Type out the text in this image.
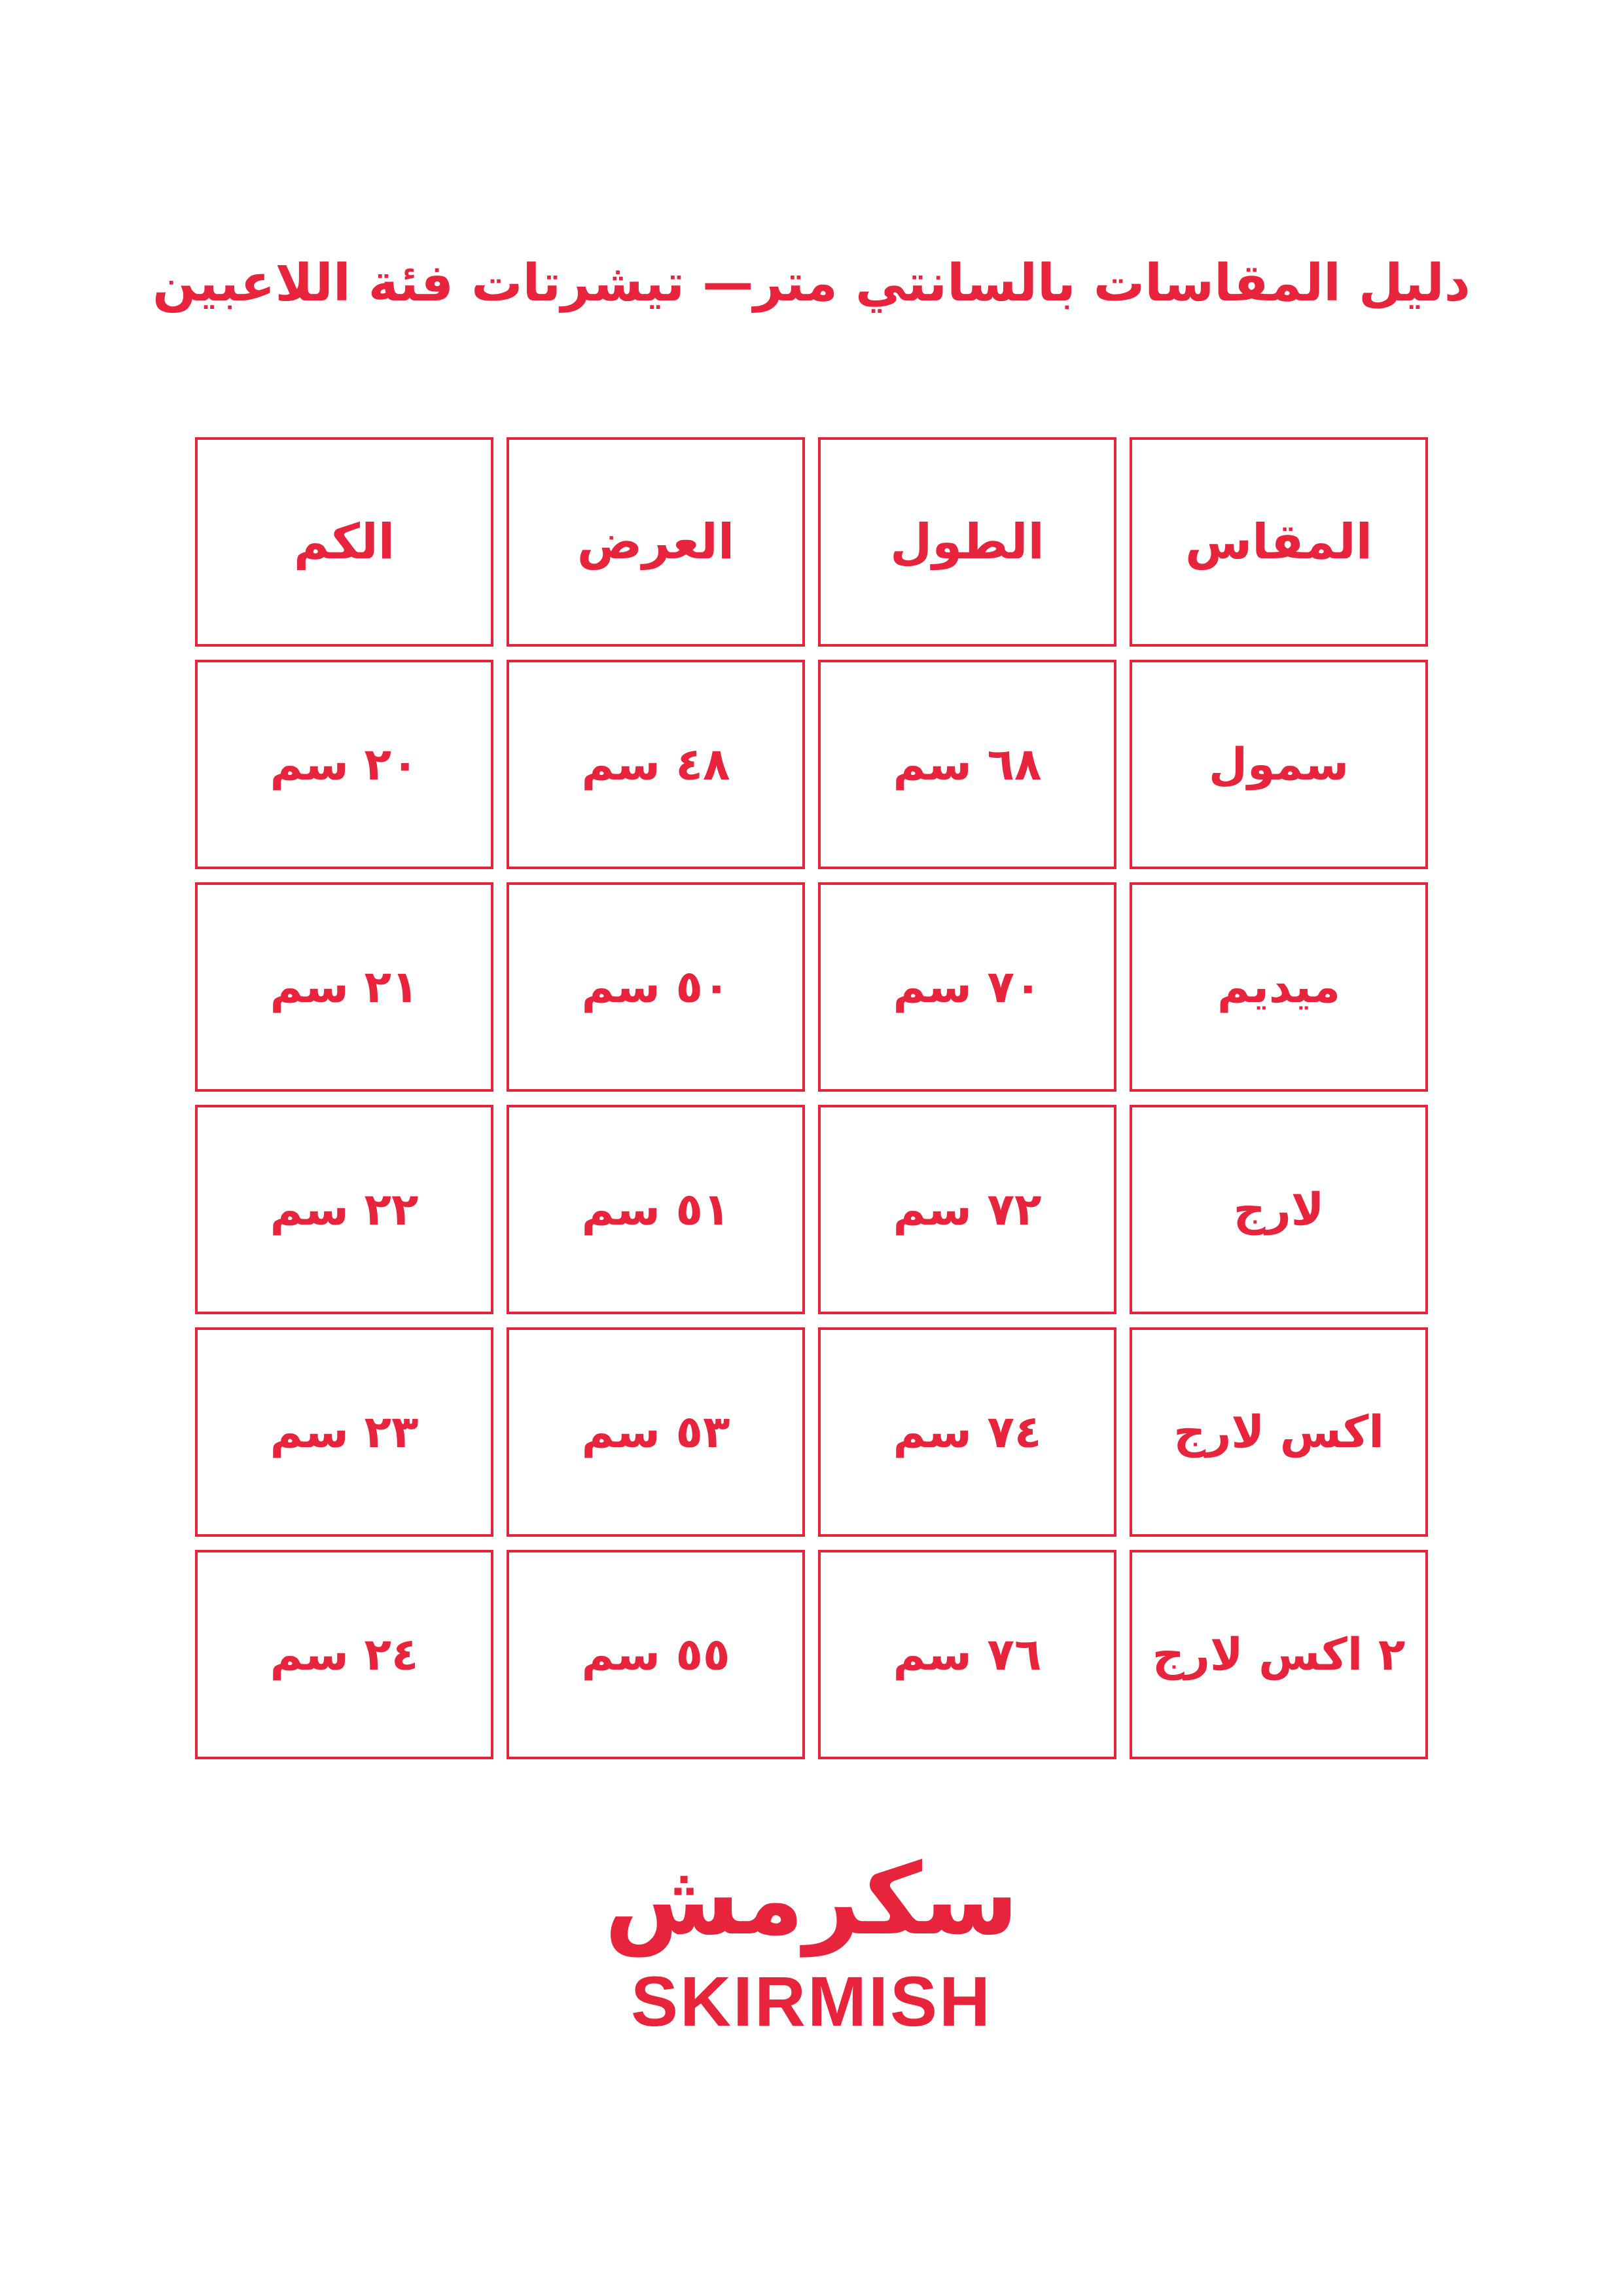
دليل المقاسات بالسانتي متر— تيشرتات فئة اللاعبين
المقاس
الطول
العرض
الكم
سمول
٦٨ سم
٤٨ سم
٢٠ سم
ميديم
٧٠ سم
٥٠ سم
٢١ سم
لارج
٧٢ سم
٥١ سم
٢٢ سم
اكس لارج
٧٤ سم
٥٣ سم
٢٣ سم
٢ اكس لارج
٧٦ سم
٥٥ سم
٢٤ سم
سكرمش
SKIRMISH
